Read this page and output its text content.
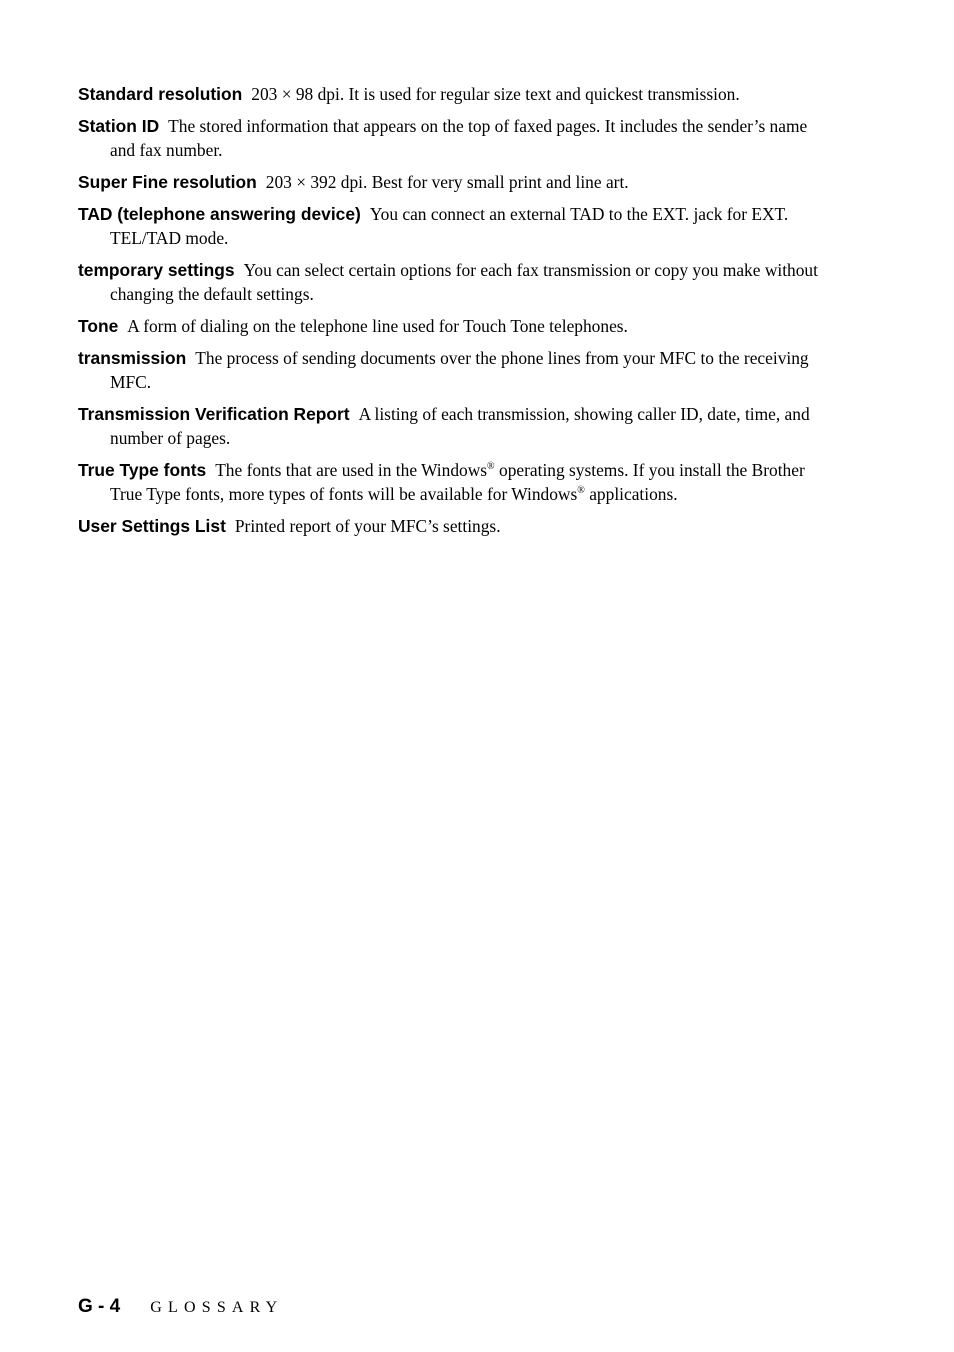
Standard resolution 203 × 98 dpi. It is used for regular size text and quickest transmission.

Station ID The stored information that appears on the top of faxed pages. It includes the sender’s name and fax number.

Super Fine resolution 203 × 392 dpi. Best for very small print and line art.

TAD (telephone answering device) You can connect an external TAD to the EXT. jack for EXT. TEL/TAD mode.

temporary settings You can select certain options for each fax transmission or copy you make without changing the default settings.

Tone A form of dialing on the telephone line used for Touch Tone telephones.

transmission The process of sending documents over the phone lines from your MFC to the receiving MFC.

Transmission Verification Report A listing of each transmission, showing caller ID, date, time, and number of pages.

True Type fonts The fonts that are used in the Windows® operating systems. If you install the Brother True Type fonts, more types of fonts will be available for Windows® applications.

User Settings List Printed report of your MFC’s settings.

G - 4 GLOSSARY
